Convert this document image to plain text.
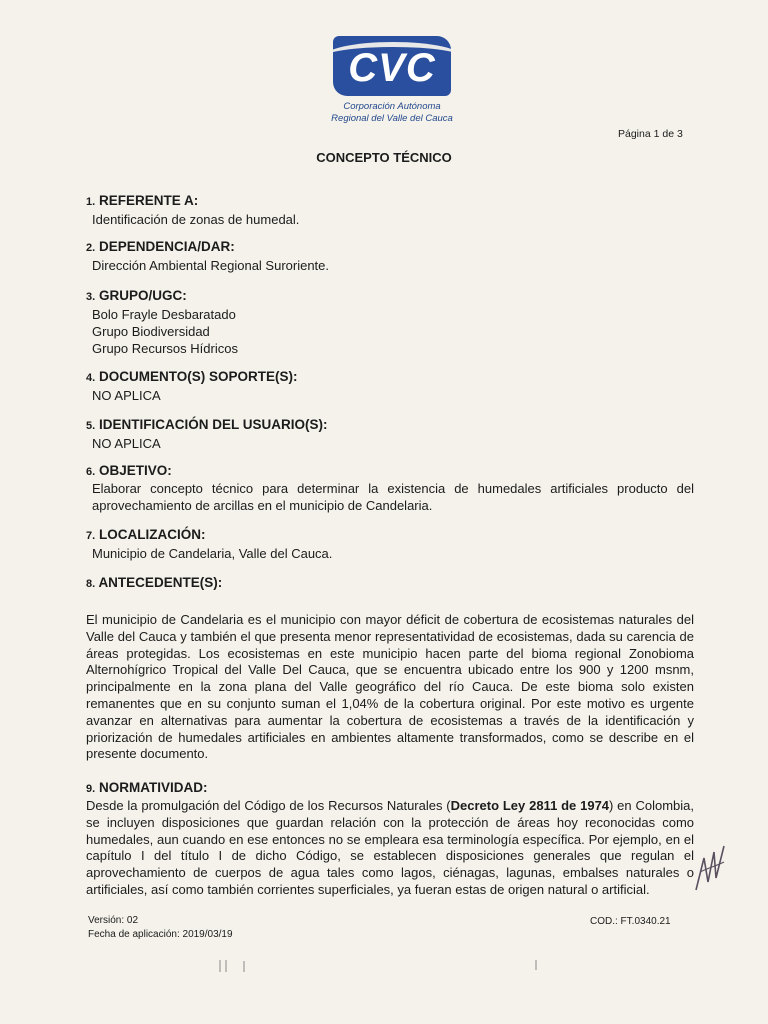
CVC
Corporación Autónoma
Regional del Valle del Cauca
Página 1 de 3
CONCEPTO TÉCNICO
1. REFERENTE A:
Identificación de zonas de humedal.
2. DEPENDENCIA/DAR:
Dirección Ambiental Regional Suroriente.
3. GRUPO/UGC:
Bolo Frayle Desbaratado
Grupo Biodiversidad
Grupo Recursos Hídricos
4. DOCUMENTO(S) SOPORTE(S):
NO APLICA
5. IDENTIFICACIÓN DEL USUARIO(S):
NO APLICA
6. OBJETIVO:
Elaborar concepto técnico para determinar la existencia de humedales artificiales producto del aprovechamiento de arcillas en el municipio de Candelaria.
7. LOCALIZACIÓN:
Municipio de Candelaria, Valle del Cauca.
8. ANTECEDENTE(S):
El municipio de Candelaria es el municipio con mayor déficit de cobertura de ecosistemas naturales del Valle del Cauca y también el que presenta menor representatividad de ecosistemas, dada su carencia de áreas protegidas. Los ecosistemas en este municipio hacen parte del bioma regional Zonobioma Alternohígrico Tropical del Valle Del Cauca, que se encuentra ubicado entre los 900 y 1200 msnm, principalmente en la zona plana del Valle geográfico del río Cauca. De este bioma solo existen remanentes que en su conjunto suman el 1,04% de la cobertura original. Por este motivo es urgente avanzar en alternativas para aumentar la cobertura de ecosistemas a través de la identificación y priorización de humedales artificiales en ambientes altamente transformados, como se describe en el presente documento.
9. NORMATIVIDAD:
Desde la promulgación del Código de los Recursos Naturales (Decreto Ley 2811 de 1974) en Colombia, se incluyen disposiciones que guardan relación con la protección de áreas hoy reconocidas como humedales, aun cuando en ese entonces no se empleara esa terminología específica. Por ejemplo, en el capítulo I del título I de dicho Código, se establecen disposiciones generales que regulan el aprovechamiento de cuerpos de agua tales como lagos, ciénagas, lagunas, embalses naturales o artificiales, así como también corrientes superficiales, ya fueran estas de origen natural o artificial.
Versión: 02
Fecha de aplicación: 2019/03/19
COD.: FT.0340.21
